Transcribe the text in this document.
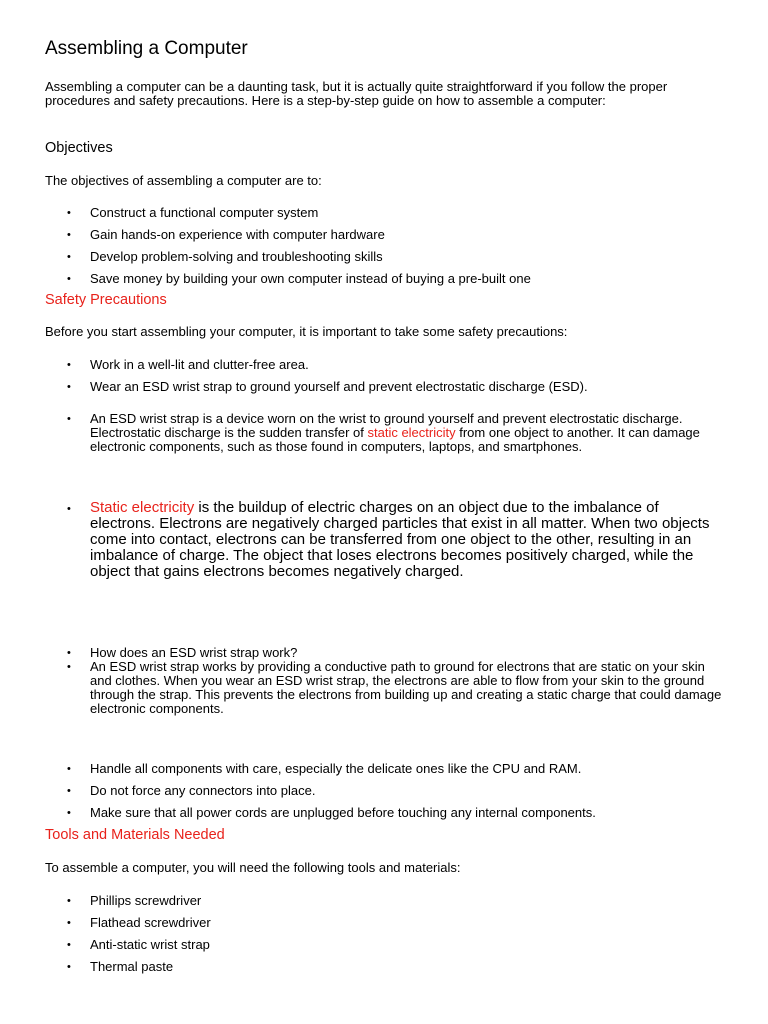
Assembling a Computer

Assembling a computer can be a daunting task, but it is actually quite straightforward if you follow the proper procedures and safety precautions. Here is a step-by-step guide on how to assemble a computer:

Objectives

The objectives of assembling a computer are to:

• Construct a functional computer system
• Gain hands-on experience with computer hardware
• Develop problem-solving and troubleshooting skills
• Save money by building your own computer instead of buying a pre-built one
Safety Precautions

Before you start assembling your computer, it is important to take some safety precautions:

• Work in a well-lit and clutter-free area.
• Wear an ESD wrist strap to ground yourself and prevent electrostatic discharge (ESD).
• An ESD wrist strap is a device worn on the wrist to ground yourself and prevent electrostatic discharge. Electrostatic discharge is the sudden transfer of static electricity from one object to another. It can damage electronic components, such as those found in computers, laptops, and smartphones.
• Static electricity is the buildup of electric charges on an object due to the imbalance of electrons. Electrons are negatively charged particles that exist in all matter. When two objects come into contact, electrons can be transferred from one object to the other, resulting in an imbalance of charge. The object that loses electrons becomes positively charged, while the object that gains electrons becomes negatively charged.
• How does an ESD wrist strap work?
• An ESD wrist strap works by providing a conductive path to ground for electrons that are static on your skin and clothes. When you wear an ESD wrist strap, the electrons are able to flow from your skin to the ground through the strap. This prevents the electrons from building up and creating a static charge that could damage electronic components.
• Handle all components with care, especially the delicate ones like the CPU and RAM.
• Do not force any connectors into place.
• Make sure that all power cords are unplugged before touching any internal components.
Tools and Materials Needed

To assemble a computer, you will need the following tools and materials:

• Phillips screwdriver
• Flathead screwdriver
• Anti-static wrist strap
• Thermal paste
